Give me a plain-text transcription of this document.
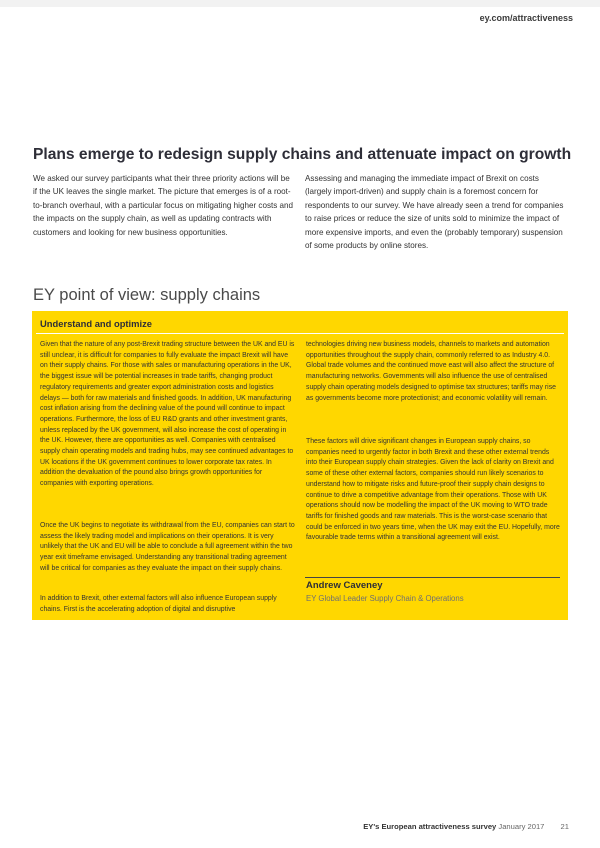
ey.com/attractiveness
Plans emerge to redesign supply chains and attenuate impact on growth

We asked our survey participants what their three priority actions will be if the UK leaves the single market. The picture that emerges is of a root-to-branch overhaul, with a particular focus on mitigating higher costs and the impacts on the supply chain, as well as updating contracts with customers and looking for new business opportunities.

Assessing and managing the immediate impact of Brexit on costs (largely import-driven) and supply chain is a foremost concern for respondents to our survey. We have already seen a trend for companies to raise prices or reduce the size of units sold to minimize the impact of more expensive imports, and even the (probably temporary) suspension of some products by online stores.

EY point of view: supply chains
Understand and optimize

Given that the nature of any post-Brexit trading structure between the UK and EU is still unclear, it is difficult for companies to fully evaluate the impact Brexit will have on their supply chains. For those with sales or manufacturing operations in the UK, the biggest issue will be potential increases in trade tariffs, changing product regulatory requirements and greater export administration costs and logistics delays — both for raw materials and finished goods. In addition, UK manufacturing cost inflation arising from the declining value of the pound will continue to impact operations. Furthermore, the loss of EU R&D grants and other investment grants, unless replaced by the UK government, will also increase the cost of operating in the UK. However, there are opportunities as well. Companies with centralised supply chain operating models and trading hubs, may see continued advantages to UK locations if the UK government continues to lower corporate tax rates. In addition the devaluation of the pound also brings growth opportunities for companies with exporting operations.

Once the UK begins to negotiate its withdrawal from the EU, companies can start to assess the likely trading model and implications on their operations. It is very unlikely that the UK and EU will be able to conclude a full agreement within the two year exit timeframe envisaged. Understanding any transitional trading agreement will be critical for companies as they evaluate the impact on their supply chains.

In addition to Brexit, other external factors will also influence European supply chains. First is the accelerating adoption of digital and disruptive

technologies driving new business models, channels to markets and automation opportunities throughout the supply chain, commonly referred to as Industry 4.0. Global trade volumes and the continued move east will also affect the structure of manufacturing networks. Governments will also influence the use of centralised supply chain operating models designed to optimise tax structures; tariffs may rise as governments become more protectionist; and economic volatility will remain.

These factors will drive significant changes in European supply chains, so companies need to urgently factor in both Brexit and these other external trends into their European supply chain strategies. Given the lack of clarity on Brexit and some of these other external factors, companies should run likely scenarios to understand how to mitigate risks and future-proof their supply chain designs to continue to drive a competitive advantage from their operations. Those with UK operations should now be modelling the impact of the UK moving to WTO trade tariffs for finished goods and raw materials. This is the worst-case scenario that could be enforced in two years time, when the UK may exit the EU. Hopefully, more favourable trade terms within a transitional agreement will exist.

Andrew Caveney

EY Global Leader Supply Chain & Operations

EY's European attractiveness survey January 2017 21
